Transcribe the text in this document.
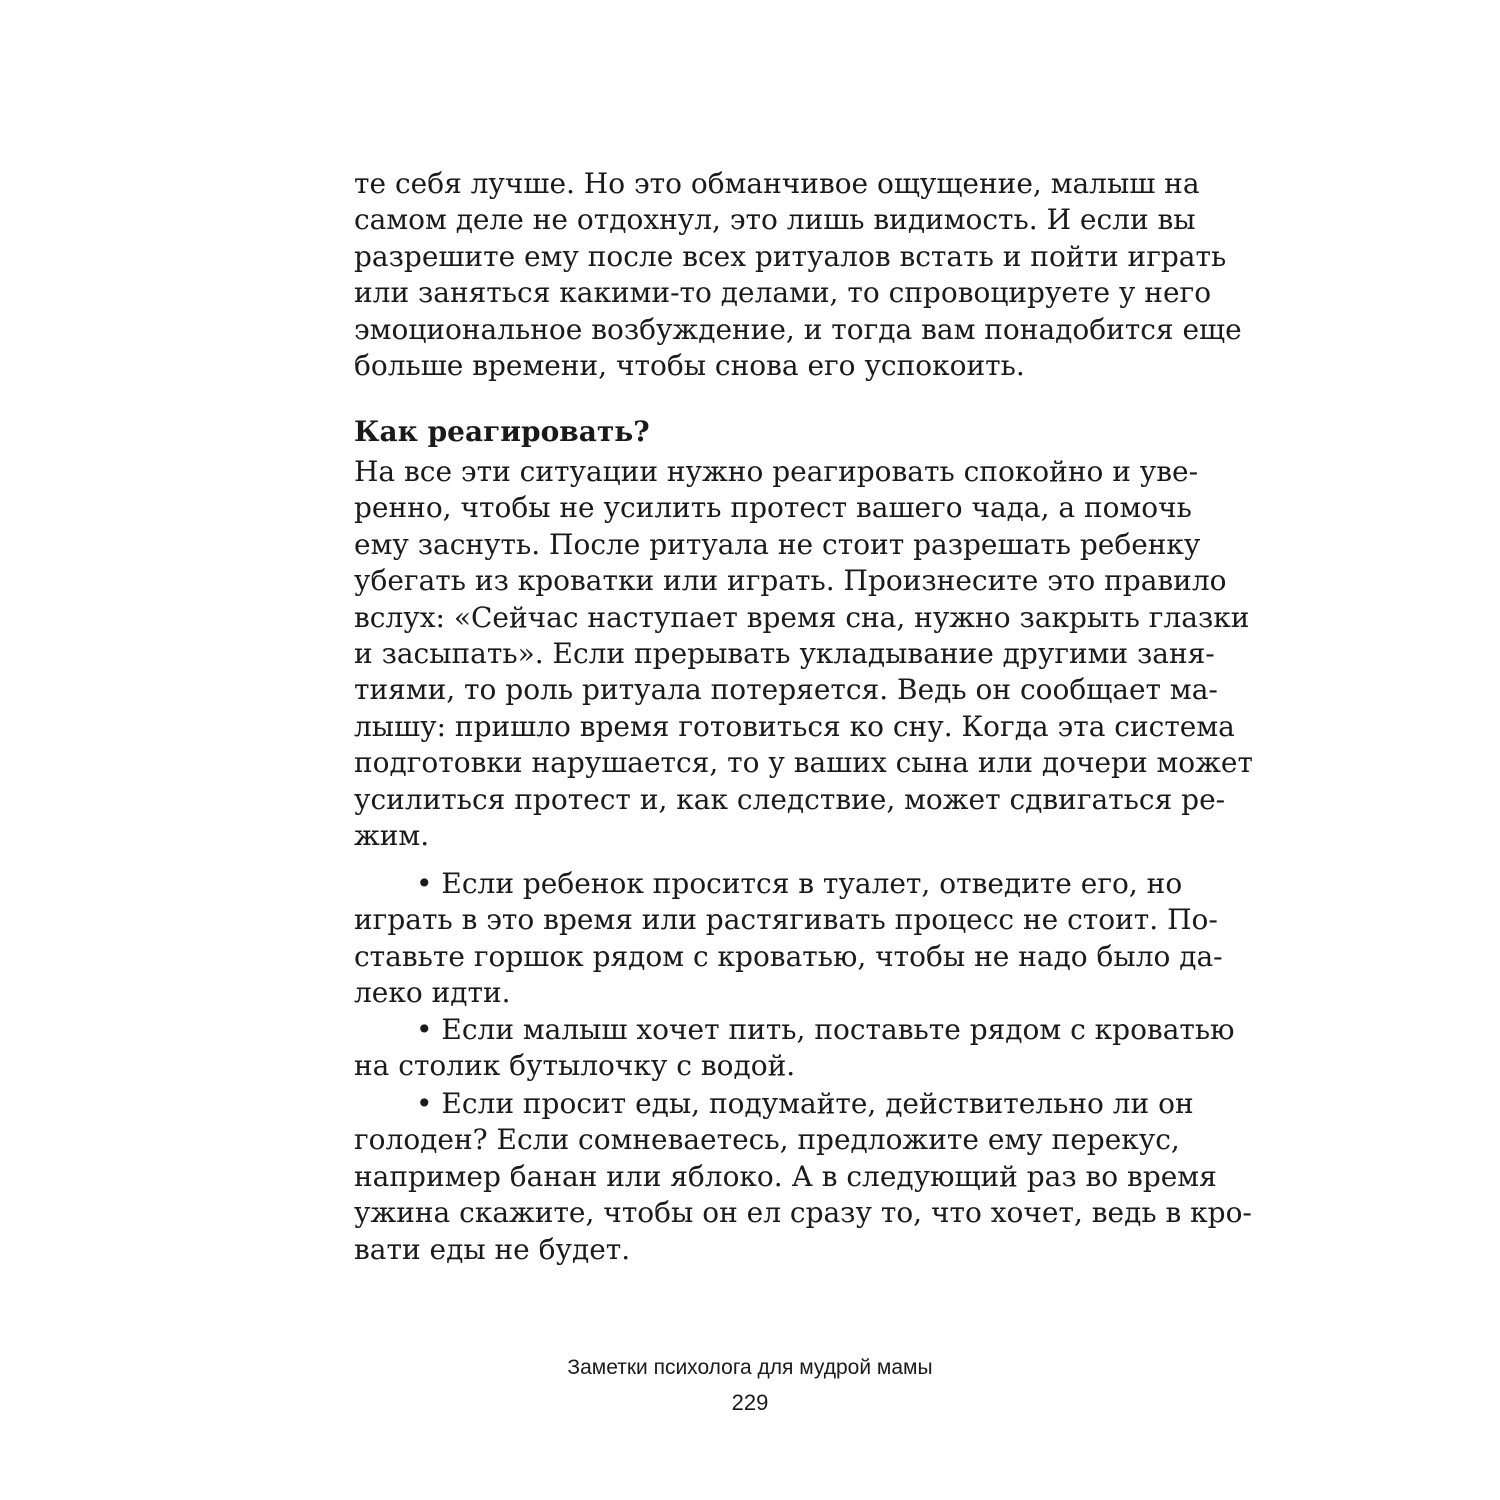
те себя лучше. Но это обманчивое ощущение, малыш на
самом деле не отдохнул, это лишь видимость. И если вы
разрешите ему после всех ритуалов встать и пойти играть
или заняться какими-то делами, то спровоцируете у него
эмоциональное возбуждение, и тогда вам понадобится еще
больше времени, чтобы снова его успокоить.
Как реагировать?
На все эти ситуации нужно реагировать спокойно и уве-
ренно, чтобы не усилить протест вашего чада, а помочь
ему заснуть. После ритуала не стоит разрешать ребенку
убегать из кроватки или играть. Произнесите это правило
вслух: «Сейчас наступает время сна, нужно закрыть глазки
и засыпать». Если прерывать укладывание другими заня-
тиями, то роль ритуала потеряется. Ведь он сообщает ма-
лышу: пришло время готовиться ко сну. Когда эта система
подготовки нарушается, то у ваших сына или дочери может
усилиться протест и, как следствие, может сдвигаться ре-
жим.
• Если ребенок просится в туалет, отведите его, но
играть в это время или растягивать процесс не стоит. По-
ставьте горшок рядом с кроватью, чтобы не надо было да-
леко идти.
• Если малыш хочет пить, поставьте рядом с кроватью
на столик бутылочку с водой.
• Если просит еды, подумайте, действительно ли он
голоден? Если сомневаетесь, предложите ему перекус,
например банан или яблоко. А в следующий раз во время
ужина скажите, чтобы он ел сразу то, что хочет, ведь в кро-
вати еды не будет.
Заметки психолога для мудрой мамы
229
